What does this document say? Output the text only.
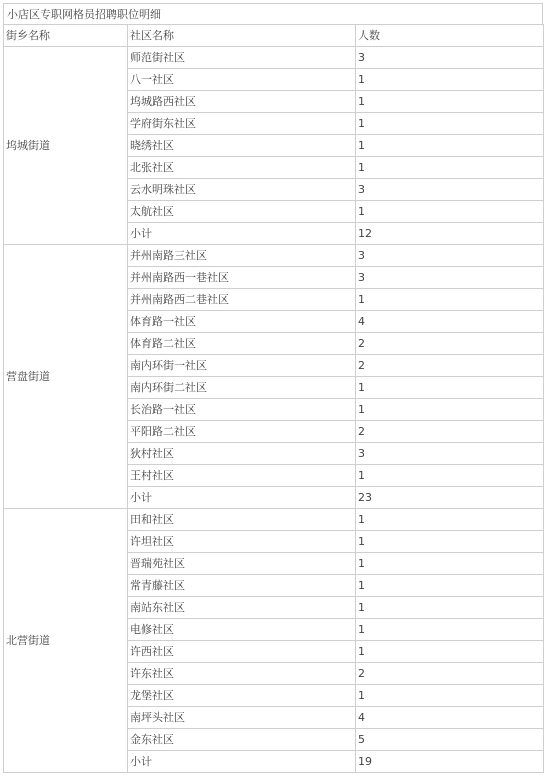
小店区专职网格员招聘职位明细
街乡名称	社区名称	人数
坞城街道	师范街社区	3
	八一社区	1
	坞城路西社区	1
	学府街东社区	1
	晓绣社区	1
	北张社区	1
	云水明珠社区	3
	太航社区	1
	小计	12
营盘街道	并州南路三社区	3
	并州南路西一巷社区	3
	并州南路西二巷社区	1
	体育路一社区	4
	体育路二社区	2
	南内环街一社区	2
	南内环街二社区	1
	长治路一社区	1
	平阳路二社区	2
	狄村社区	3
	王村社区	1
	小计	23
北营街道	田和社区	1
	许坦社区	1
	晋瑞苑社区	1
	常青藤社区	1
	南站东社区	1
	电修社区	1
	许西社区	1
	许东社区	2
	龙堡社区	1
	南坪头社区	4
	金东社区	5
	小计	19
